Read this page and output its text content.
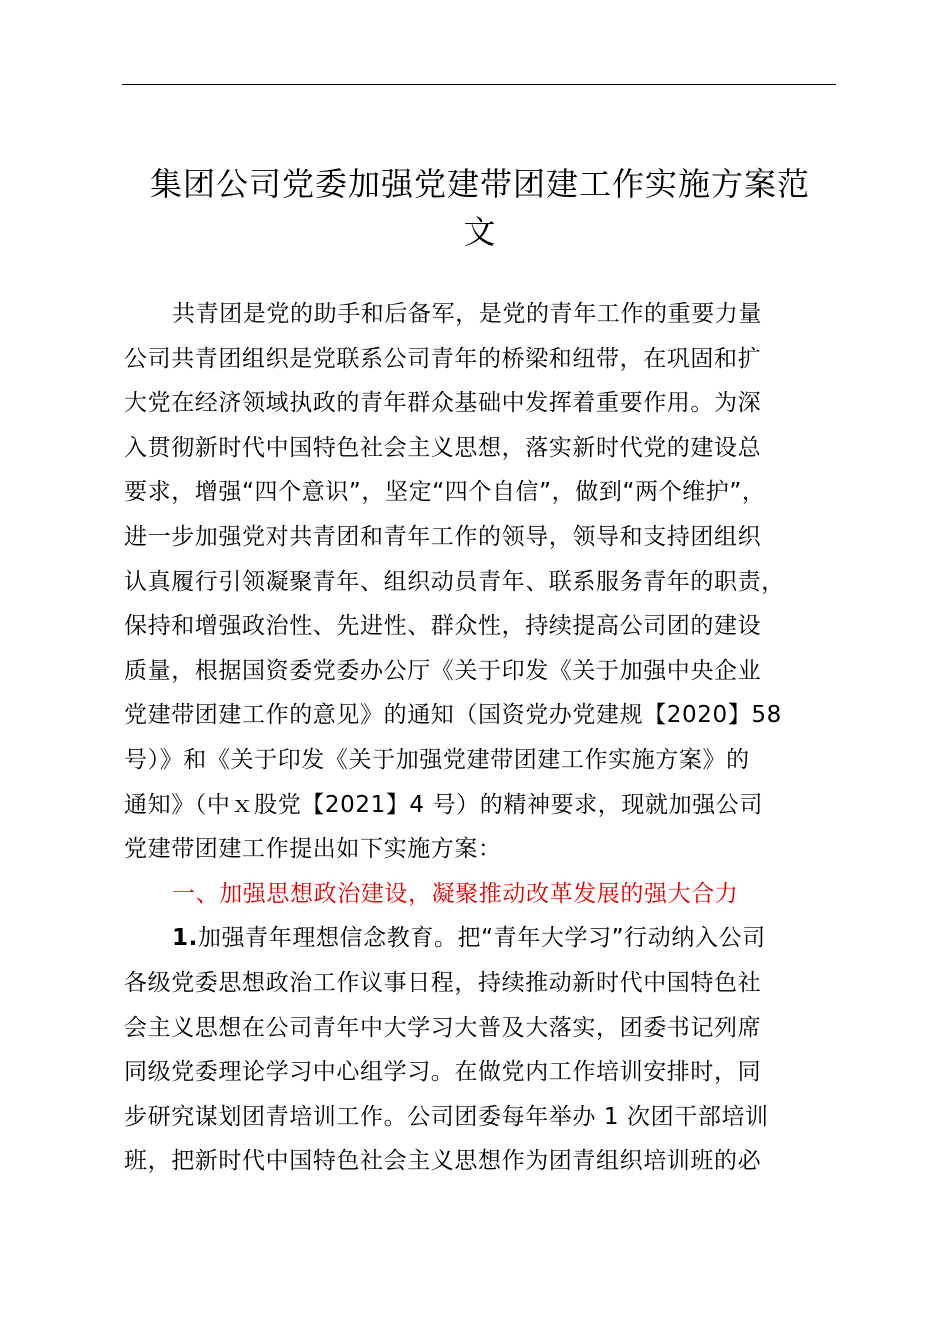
集团公司党委加强党建带团建工作实施方案范
文
共青团是党的助手和后备军，是党的青年工作的重要力量
公司共青团组织是党联系公司青年的桥梁和纽带，在巩固和扩
大党在经济领域执政的青年群众基础中发挥着重要作用。为深
入贯彻新时代中国特色社会主义思想，落实新时代党的建设总
要求，增强“四个意识”，坚定“四个自信”，做到“两个维护”，
进一步加强党对共青团和青年工作的领导，领导和支持团组织
认真履行引领凝聚青年、组织动员青年、联系服务青年的职责，
保持和增强政治性、先进性、群众性，持续提高公司团的建设
质量，根据国资委党委办公厅《关于印发《关于加强中央企业
党建带团建工作的意见》的通知（国资党办党建规【2020】58
号）》和《关于印发《关于加强党建带团建工作实施方案》的
通知》（中ｘ股党【2021】4 号）的精神要求，现就加强公司
党建带团建工作提出如下实施方案：
一、加强思想政治建设，凝聚推动改革发展的强大合力
1.加强青年理想信念教育。把“青年大学习”行动纳入公司
各级党委思想政治工作议事日程，持续推动新时代中国特色社
会主义思想在公司青年中大学习大普及大落实，团委书记列席
同级党委理论学习中心组学习。在做党内工作培训安排时，同
步研究谋划团青培训工作。公司团委每年举办 1 次团干部培训
班，把新时代中国特色社会主义思想作为团青组织培训班的必
